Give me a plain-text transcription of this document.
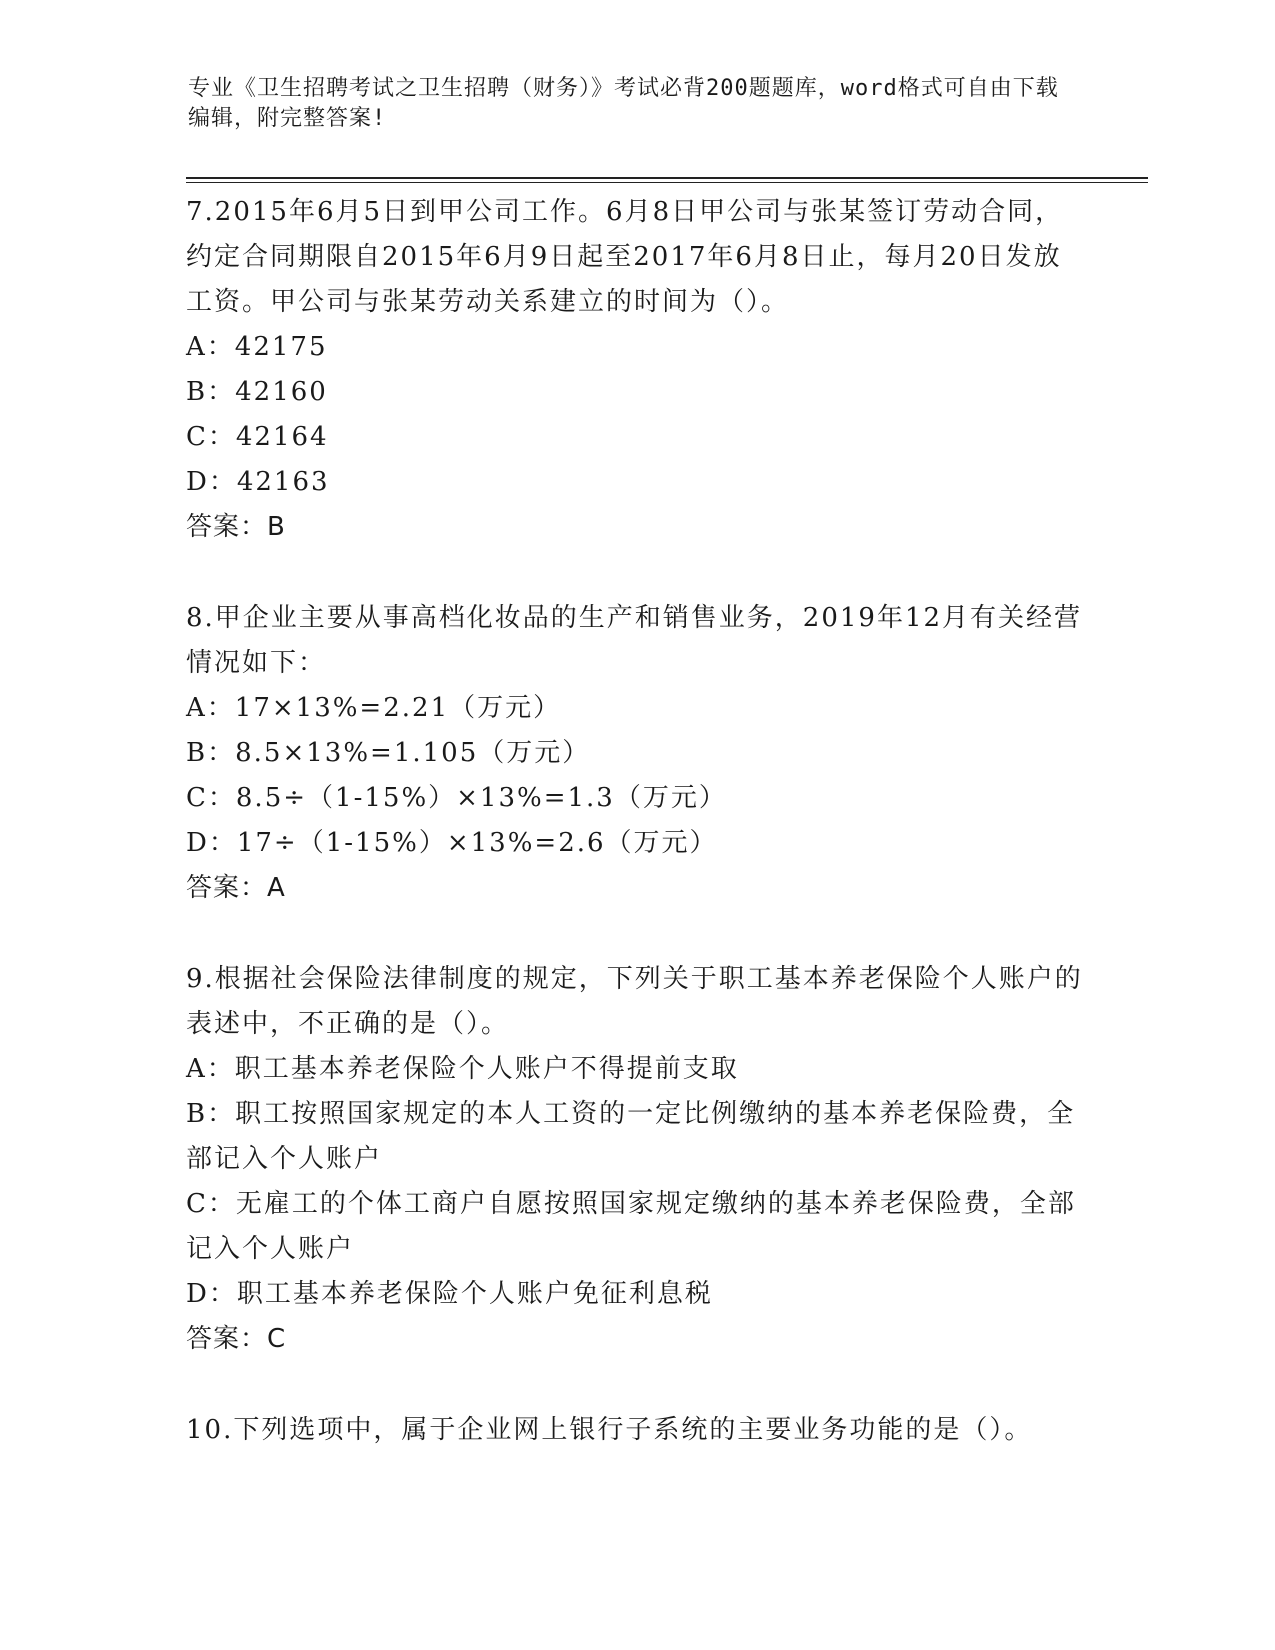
专业《卫生招聘考试之卫生招聘（财务）》考试必背200题题库，word格式可自由下载编辑，附完整答案!
7.2015年6月5日到甲公司工作。6月8日甲公司与张某签订劳动合同，约定合同期限自2015年6月9日起至2017年6月8日止，每月20日发放工资。甲公司与张某劳动关系建立的时间为（）。
A：42175
B：42160
C：42164
D：42163
答案：B
8.甲企业主要从事高档化妆品的生产和销售业务，2019年12月有关经营情况如下：
A：17×13%=2.21（万元）
B：8.5×13%=1.105（万元）
C：8.5÷（1-15%）×13%=1.3（万元）
D：17÷（1-15%）×13%=2.6（万元）
答案：A
9.根据社会保险法律制度的规定，下列关于职工基本养老保险个人账户的表述中，不正确的是（）。
A：职工基本养老保险个人账户不得提前支取
B：职工按照国家规定的本人工资的一定比例缴纳的基本养老保险费，全部记入个人账户
C：无雇工的个体工商户自愿按照国家规定缴纳的基本养老保险费，全部记入个人账户
D：职工基本养老保险个人账户免征利息税
答案：C
10.下列选项中，属于企业网上银行子系统的主要业务功能的是（）。
